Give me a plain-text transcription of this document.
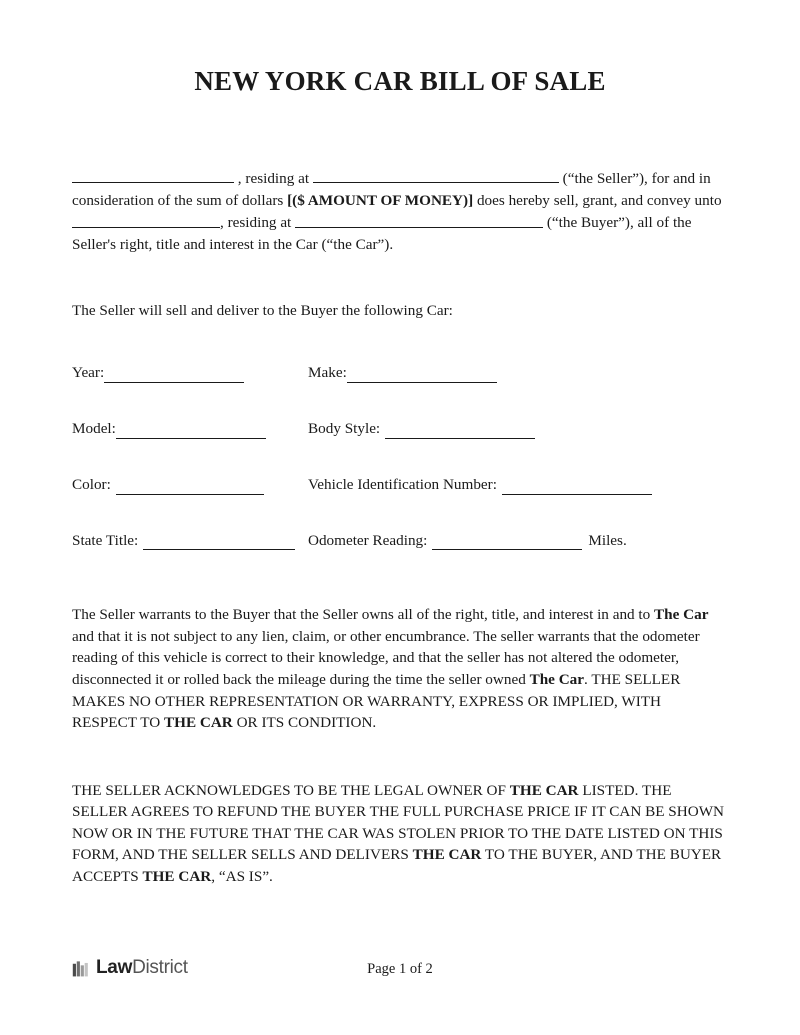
NEW YORK CAR BILL OF SALE

, residing at	(“the Seller”), for and in consideration of the sum of dollars [($ AMOUNT OF MONEY)] does hereby sell, grant, and convey unto , residing at	(“the Buyer”), all of the Seller's right, title and interest in the Car (“the Car”).

The Seller will sell and deliver to the Buyer the following Car:

Year:	Make:
Model:	Body Style:
Color:	Vehicle Identification Number:
State Title:	Odometer Reading:	Miles.

The Seller warrants to the Buyer that the Seller owns all of the right, title, and interest in and to The Car and that it is not subject to any lien, claim, or other encumbrance. The seller warrants that the odometer reading of this vehicle is correct to their knowledge, and that the seller has not altered the odometer, disconnected it or rolled back the mileage during the time the seller owned The Car. THE SELLER MAKES NO OTHER REPRESENTATION OR WARRANTY, EXPRESS OR IMPLIED, WITH RESPECT TO THE CAR OR ITS CONDITION.

THE SELLER ACKNOWLEDGES TO BE THE LEGAL OWNER OF THE CAR LISTED. THE SELLER AGREES TO REFUND THE BUYER THE FULL PURCHASE PRICE IF IT CAN BE SHOWN NOW OR IN THE FUTURE THAT THE CAR WAS STOLEN PRIOR TO THE DATE LISTED ON THIS FORM, AND THE SELLER SELLS AND DELIVERS THE CAR TO THE BUYER, AND THE BUYER ACCEPTS THE CAR, “AS IS”.

LawDistrict	Page 1 of 2
